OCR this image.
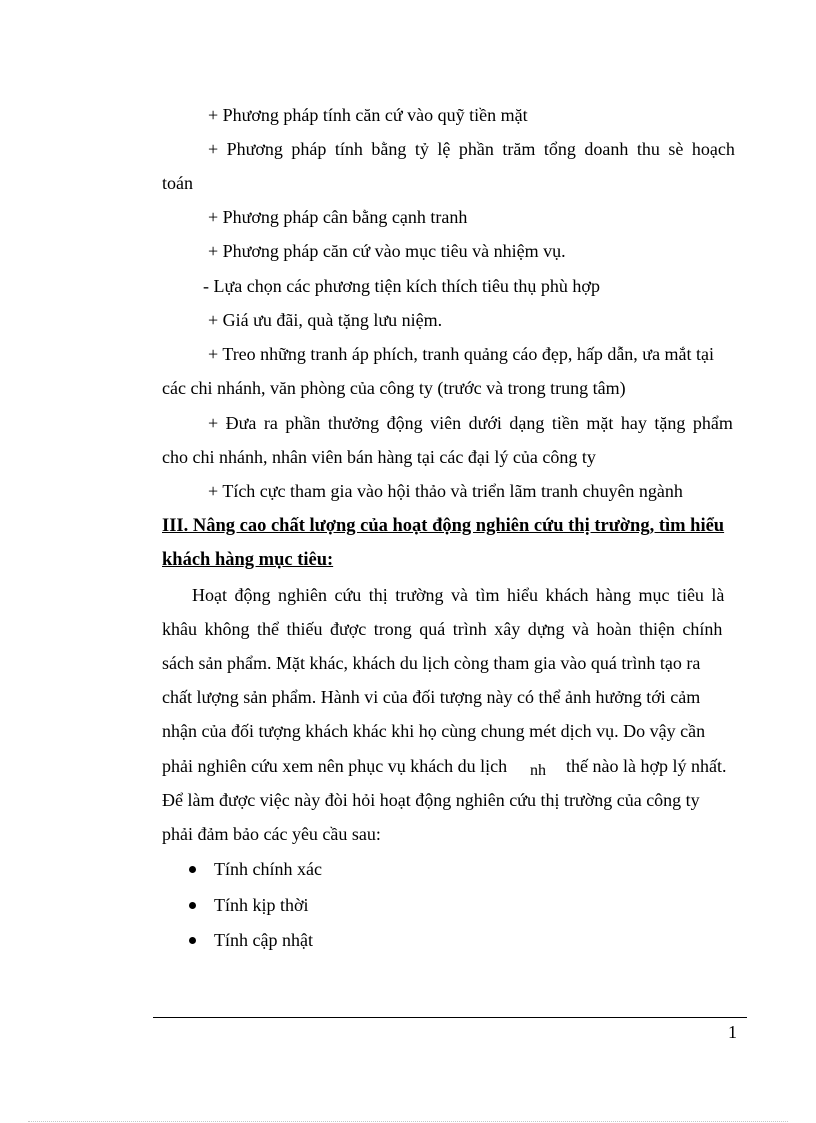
+ Phương pháp tính căn cứ vào quỹ tiền mặt
+ Phương pháp tính bằng tỷ lệ phần trăm tổng doanh thu sè hoạch
toán
+ Phương pháp cân bằng cạnh tranh
+ Phương pháp căn cứ vào mục tiêu và nhiệm vụ.
- Lựa chọn các phương tiện kích thích tiêu thụ phù hợp
+ Giá ưu đãi, quà tặng lưu niệm.
+ Treo những tranh áp phích, tranh quảng cáo đẹp, hấp dẫn, ưa mắt tại
các chi nhánh, văn phòng của công ty (trước và trong trung tâm)
+ Đưa ra phần thưởng động viên dưới dạng tiền mặt hay tặng phẩm
cho chi nhánh, nhân viên bán hàng tại các đại lý của công ty
+ Tích cực tham gia vào hội thảo và triển lãm tranh chuyên ngành
III. Nâng cao chất lượng của hoạt động nghiên cứu thị trường, tìm hiểu
khách hàng mục tiêu:
Hoạt động nghiên cứu thị trường và tìm hiểu khách hàng mục tiêu là
khâu không thể thiếu được trong quá trình xây dựng và hoàn thiện chính
sách sản phẩm. Mặt khác, khách du lịch còng tham gia vào quá trình tạo ra
chất lượng sản phẩm. Hành vi của đối tượng này có thể ảnh hưởng tới cảm
nhận của đối tượng khách khác khi họ cùng chung mét dịch vụ. Do vậy cần
phải nghiên cứu xem nên phục vụ khách du lịch nh thế nào là hợp lý nhất.
Để làm được việc này đòi hỏi hoạt động nghiên cứu thị trường của công ty
phải đảm bảo các yêu cầu sau:
Tính chính xác
Tính kịp thời
Tính cập nhật
1
